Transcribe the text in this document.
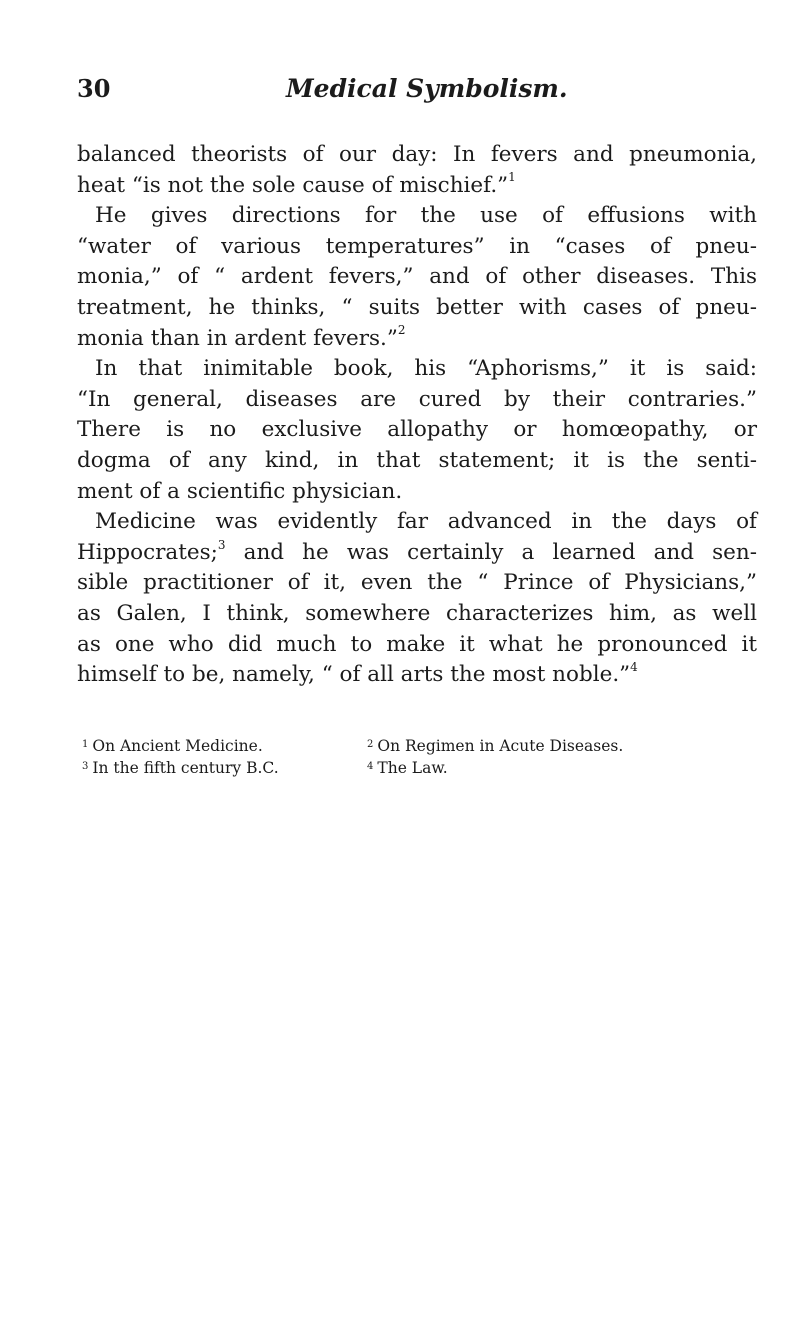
30	Medical Symbolism.
balanced theorists of our day: In fevers and pneumonia,
heat “is not the sole cause of mischief.”$^1$
He gives directions for the use of effusions with
“water of various temperatures” in “cases of pneu-
monia,” of “ ardent fevers,” and of other diseases. This
treatment, he thinks, “ suits better with cases of pneu-
monia than in ardent fevers.”$^2$
In that inimitable book, his “Aphorisms,” it is said:
“In general, diseases are cured by their contraries.”
There is no exclusive allopathy or homœopathy, or
dogma of any kind, in that statement; it is the senti-
ment of a scientific physician.
Medicine was evidently far advanced in the days of
Hippocrates;$^3$ and he was certainly a learned and sen-
sible practitioner of it, even the “ Prince of Physicians,”
as Galen, I think, somewhere characterizes him, as well
as one who did much to make it what he pronounced it
himself to be, namely, “ of all arts the most noble.”$^4$
$^1$ On Ancient Medicine.	$^2$ On Regimen in Acute Diseases.
$^3$ In the fifth century B.C.	$^4$ The Law.
